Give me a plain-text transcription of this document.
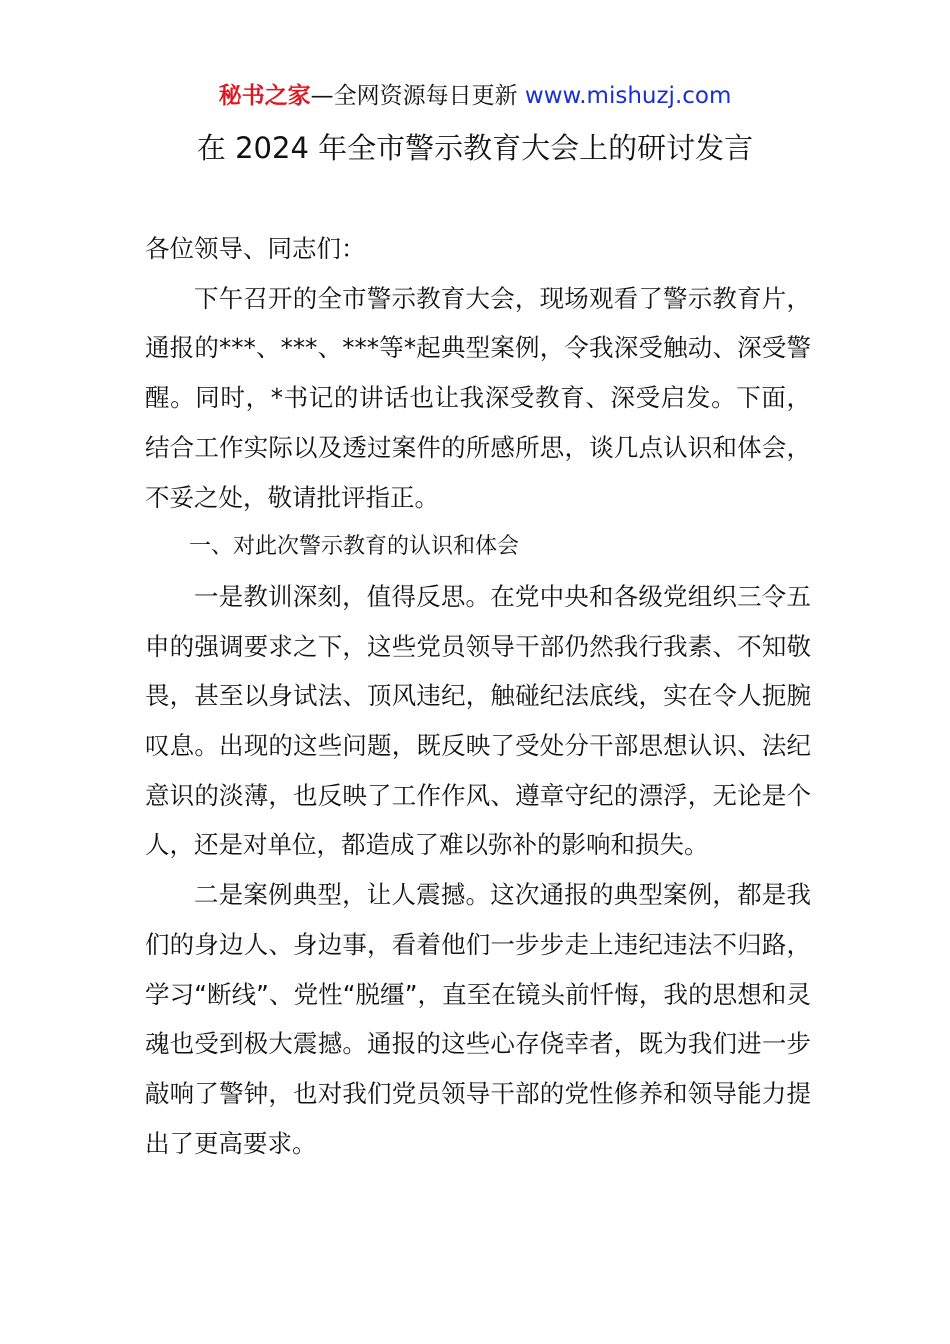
秘书之家—全网资源每日更新 www.mishuzj.com
在 2024 年全市警示教育大会上的研讨发言

各位领导、同志们：

下午召开的全市警示教育大会，现场观看了警示教育片，通报的***、***、***等*起典型案例，令我深受触动、深受警醒。同时，*书记的讲话也让我深受教育、深受启发。下面，结合工作实际以及透过案件的所感所思，谈几点认识和体会，不妥之处，敬请批评指正。

一、对此次警示教育的认识和体会

一是教训深刻，值得反思。在党中央和各级党组织三令五申的强调要求之下，这些党员领导干部仍然我行我素、不知敬畏，甚至以身试法、顶风违纪，触碰纪法底线，实在令人扼腕叹息。出现的这些问题，既反映了受处分干部思想认识、法纪意识的淡薄，也反映了工作作风、遵章守纪的漂浮，无论是个人，还是对单位，都造成了难以弥补的影响和损失。

二是案例典型，让人震撼。这次通报的典型案例，都是我们的身边人、身边事，看着他们一步步走上违纪违法不归路，学习“断线”、党性“脱缰”，直至在镜头前忏悔，我的思想和灵魂也受到极大震撼。通报的这些心存侥幸者，既为我们进一步敲响了警钟，也对我们党员领导干部的党性修养和领导能力提出了更高要求。
